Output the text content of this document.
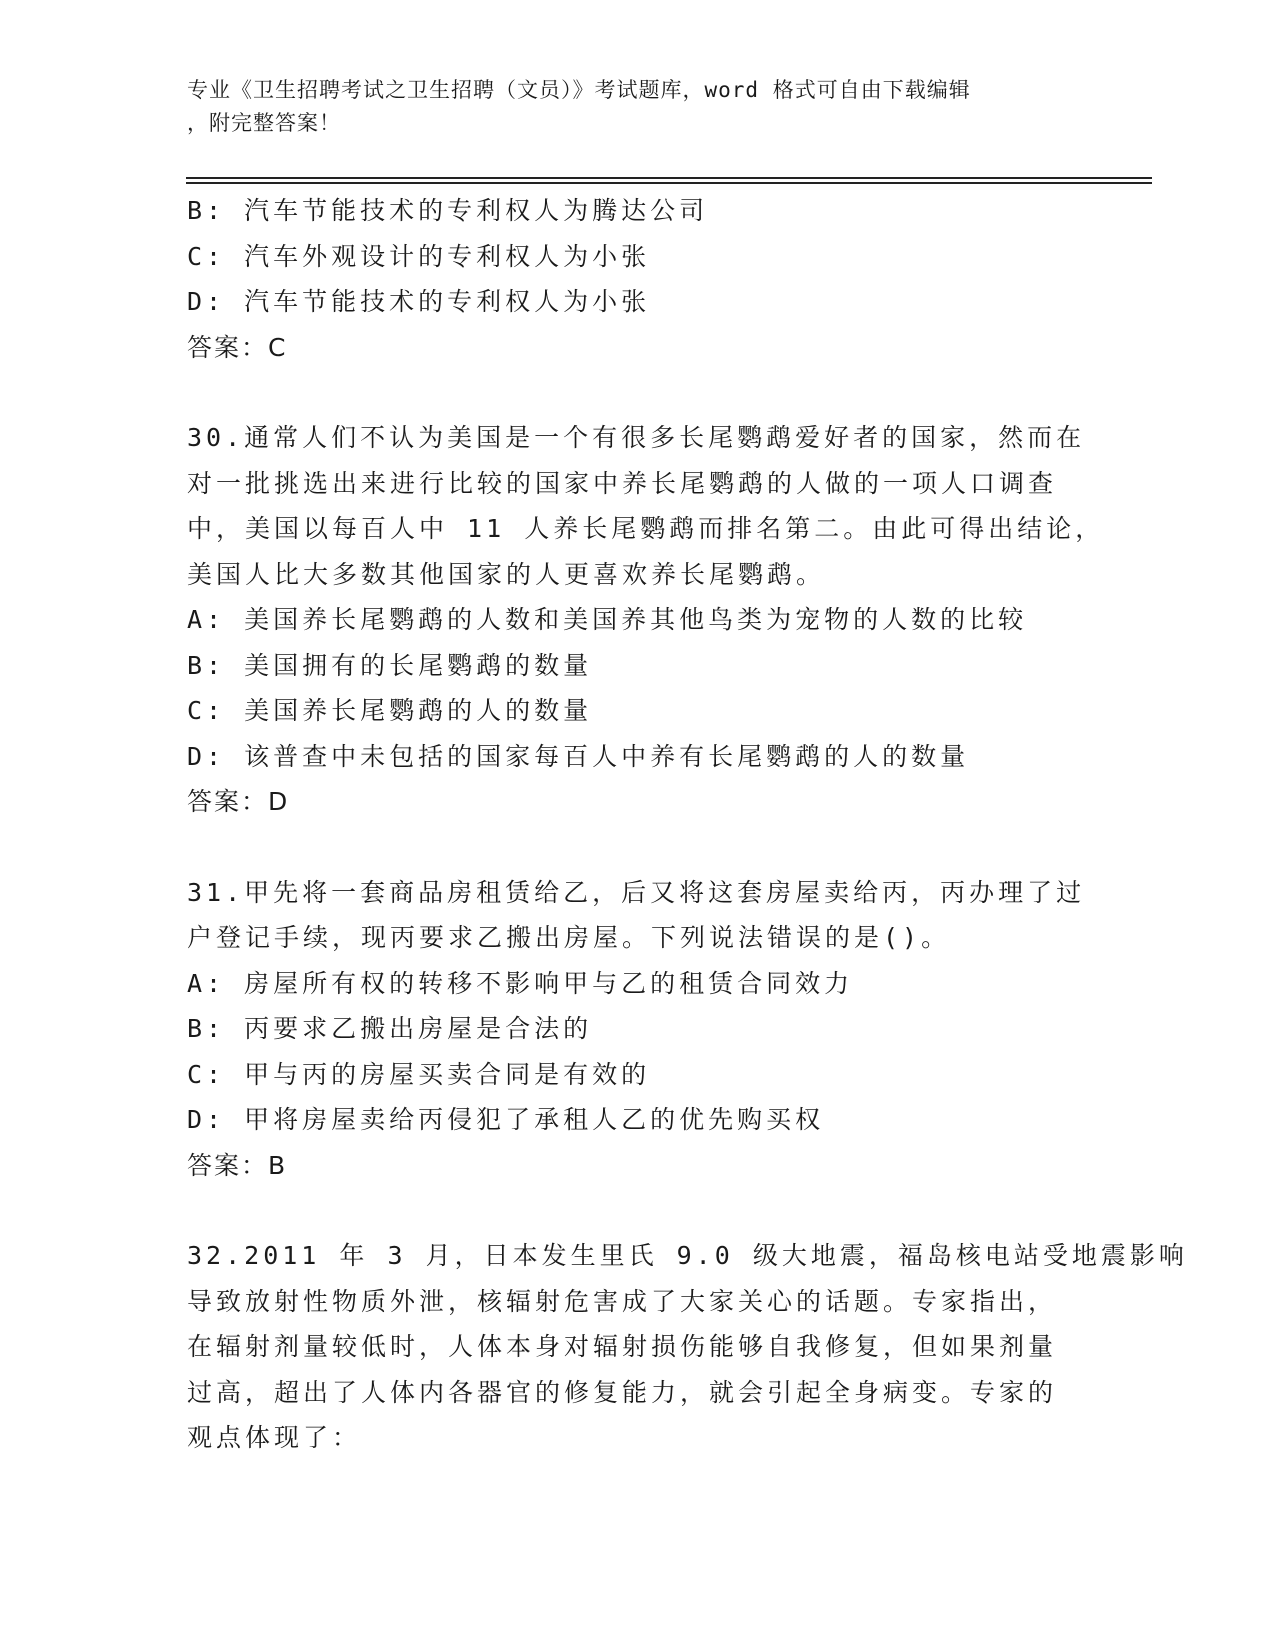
专业《卫生招聘考试之卫生招聘（文员）》考试题库，word 格式可自由下载编辑
，附完整答案！
B: 汽车节能技术的专利权人为腾达公司
C: 汽车外观设计的专利权人为小张
D: 汽车节能技术的专利权人为小张
答案：C
30.通常人们不认为美国是一个有很多长尾鹦鹉爱好者的国家，然而在
对一批挑选出来进行比较的国家中养长尾鹦鹉的人做的一项人口调查
中，美国以每百人中 11 人养长尾鹦鹉而排名第二。由此可得出结论，
美国人比大多数其他国家的人更喜欢养长尾鹦鹉。
A: 美国养长尾鹦鹉的人数和美国养其他鸟类为宠物的人数的比较
B: 美国拥有的长尾鹦鹉的数量
C: 美国养长尾鹦鹉的人的数量
D: 该普查中未包括的国家每百人中养有长尾鹦鹉的人的数量
答案：D
31.甲先将一套商品房租赁给乙，后又将这套房屋卖给丙，丙办理了过
户登记手续，现丙要求乙搬出房屋。下列说法错误的是()。
A: 房屋所有权的转移不影响甲与乙的租赁合同效力
B: 丙要求乙搬出房屋是合法的
C: 甲与丙的房屋买卖合同是有效的
D: 甲将房屋卖给丙侵犯了承租人乙的优先购买权
答案：B
32.2011 年 3 月，日本发生里氏 9.0 级大地震，福岛核电站受地震影响
导致放射性物质外泄，核辐射危害成了大家关心的话题。专家指出，
在辐射剂量较低时，人体本身对辐射损伤能够自我修复，但如果剂量
过高，超出了人体内各器官的修复能力，就会引起全身病变。专家的
观点体现了：
